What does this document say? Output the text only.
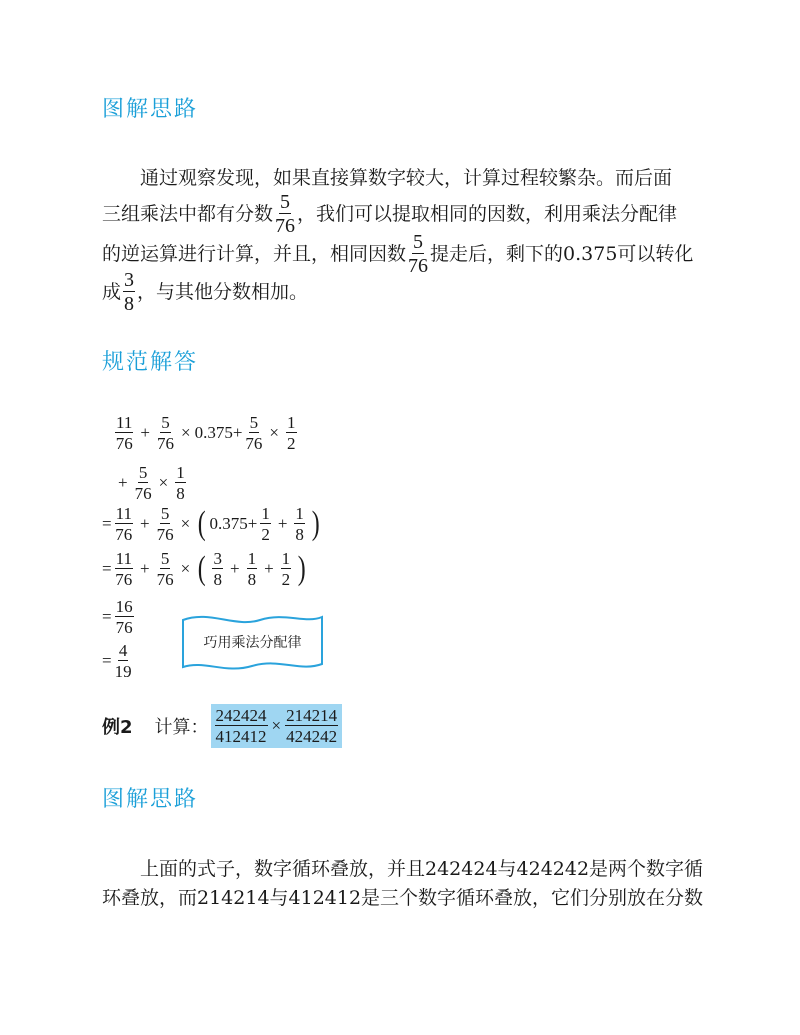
图解思路
通过观察发现，如果直接算数字较大，计算过程较繁杂。而后面
三组乘法中都有分数 $\frac{5}{76}$ ，我们可以提取相同的因数，利用乘法分配律
的逆运算进行计算，并且，相同因数 $\frac{5}{76}$ 提走后，剩下的0.375可以转化
成 $\frac{3}{8}$ ，与其他分数相加。
规范解答
$\frac{11}{76} + \frac{5}{76} \times 0.375+ \frac{5}{76} \times \frac{1}{2}$
+ $\frac{5}{76} \times \frac{1}{8}$
= $\frac{11}{76} + \frac{5}{76}$ × ( $0.375+ \frac{1}{2} + \frac{1}{8}$ )
= $\frac{11}{76} + \frac{5}{76}$ × ( $\frac{3}{8} + \frac{1}{8} + \frac{1}{2}$ )
= $\frac{16}{76}$
= $\frac{4}{19}$	巧用乘法分配律
例2 计算： $\frac{242424}{412412} \times \frac{214214}{424242}$
图解思路
上面的式子，数字循环叠放，并且242424与424242是两个数字循
环叠放，而214214与412412是三个数字循环叠放，它们分别放在分数
